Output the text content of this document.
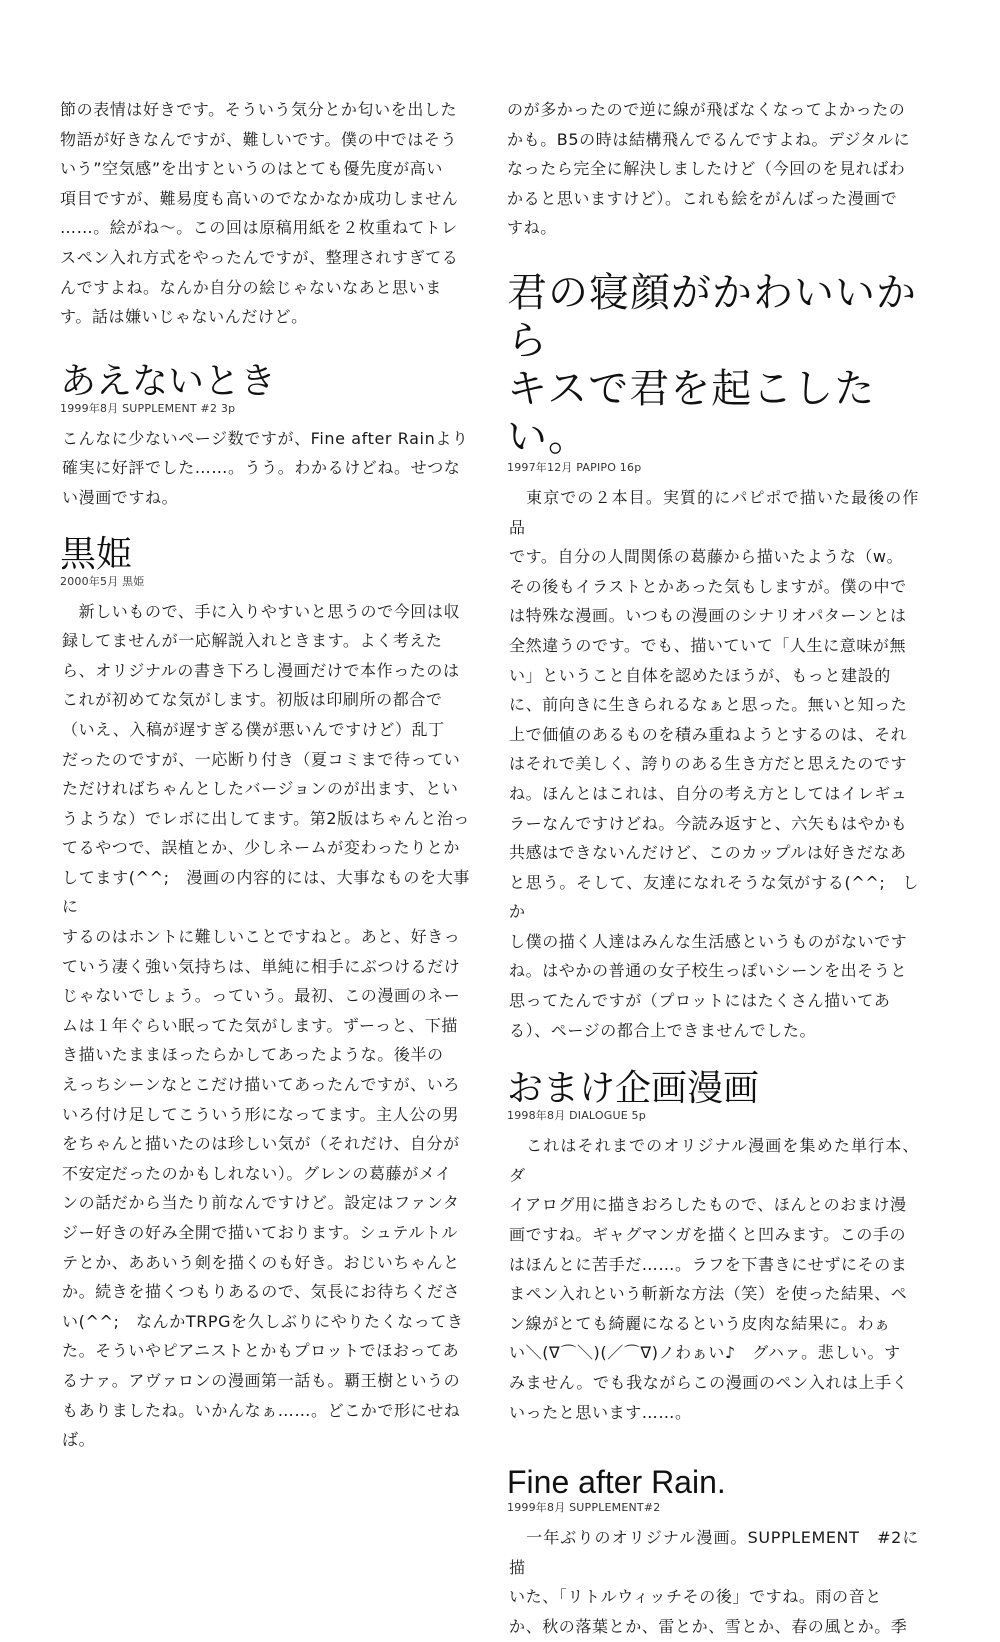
節の表情は好きです。そういう気分とか匂いを出した
物語が好きなんですが、難しいです。僕の中ではそう
いう”空気感”を出すというのはとても優先度が高い
項目ですが、難易度も高いのでなかなか成功しません
……。絵がね〜。この回は原稿用紙を２枚重ねてトレ
スペン入れ方式をやったんですが、整理されすぎてる
んですよね。なんか自分の絵じゃないなあと思いま
す。話は嫌いじゃないんだけど。

あえないとき

1999年8月 SUPPLEMENT #2 3p

こんなに少ないページ数ですが、Fine after Rainより
確実に好評でした……。うう。わかるけどね。せつな
い漫画ですね。

黒姫

2000年5月 黒姫

　新しいもので、手に入りやすいと思うので今回は収
録してませんが一応解説入れときます。よく考えた
ら、オリジナルの書き下ろし漫画だけで本作ったのは
これが初めてな気がします。初版は印刷所の都合で
（いえ、入稿が遅すぎる僕が悪いんですけど）乱丁
だったのですが、一応断り付き（夏コミまで待ってい
ただければちゃんとしたバージョンのが出ます、とい
うような）でレボに出してます。第2版はちゃんと治っ
てるやつで、誤植とか、少しネームが変わったりとか
してます(^^;　漫画の内容的には、大事なものを大事に
するのはホントに難しいことですねと。あと、好きっ
ていう凄く強い気持ちは、単純に相手にぶつけるだけ
じゃないでしょう。っていう。最初、この漫画のネー
ムは１年ぐらい眠ってた気がします。ずーっと、下描
き描いたままほったらかしてあったような。後半の
えっちシーンなとこだけ描いてあったんですが、いろ
いろ付け足してこういう形になってます。主人公の男
をちゃんと描いたのは珍しい気が（それだけ、自分が
不安定だったのかもしれない）。グレンの葛藤がメイ
ンの話だから当たり前なんですけど。設定はファンタ
ジー好きの好み全開で描いております。シュテルトル
テとか、ああいう剣を描くのも好き。おじいちゃんと
か。続きを描くつもりあるので、気長にお待ちくださ
い(^^;　なんかTRPGを久しぶりにやりたくなってき
た。そういやピアニストとかもプロットでほおってあ
るナァ。アヴァロンの漫画第一話も。覇王樹というの
もありましたね。いかんなぁ……。どこかで形にせね
ば。

のが多かったので逆に線が飛ばなくなってよかったの
かも。B5の時は結構飛んでるんですよね。デジタルに
なったら完全に解決しましたけど（今回のを見ればわ
かると思いますけど）。これも絵をがんばった漫画で
すね。

君の寝顔がかわいいから
キスで君を起こしたい。

1997年12月 PAPIPO 16p

　東京での２本目。実質的にパピポで描いた最後の作品
です。自分の人間関係の葛藤から描いたような（w。
その後もイラストとかあった気もしますが。僕の中で
は特殊な漫画。いつもの漫画のシナリオパターンとは
全然違うのです。でも、描いていて「人生に意味が無
い」ということ自体を認めたほうが、もっと建設的
に、前向きに生きられるなぁと思った。無いと知った
上で価値のあるものを積み重ねようとするのは、それ
はそれで美しく、誇りのある生き方だと思えたのです
ね。ほんとはこれは、自分の考え方としてはイレギュ
ラーなんですけどね。今読み返すと、六矢もはやかも
共感はできないんだけど、このカップルは好きだなあ
と思う。そして、友達になれそうな気がする(^^;　しか
し僕の描く人達はみんな生活感というものがないです
ね。はやかの普通の女子校生っぽいシーンを出そうと
思ってたんですが（プロットにはたくさん描いてあ
る）、ページの都合上できませんでした。

おまけ企画漫画

1998年8月 DIALOGUE 5p

　これはそれまでのオリジナル漫画を集めた単行本、ダ
イアログ用に描きおろしたもので、ほんとのおまけ漫
画ですね。ギャグマンガを描くと凹みます。この手の
はほんとに苦手だ……。ラフを下書きにせずにそのま
まペン入れという斬新な方法（笑）を使った結果、ペ
ン線がとても綺麗になるという皮肉な結果に。わぁ
い＼(∇⌒＼)(／⌒∇)ノわぁい♪　グハァ。悲しい。す
みません。でも我ながらこの漫画のペン入れは上手く
いったと思います……。

Fine after Rain.

1999年8月 SUPPLEMENT#2

　一年ぶりのオリジナル漫画。SUPPLEMENT　#2に描
いた、「リトルウィッチその後」ですね。雨の音と
か、秋の落葉とか、雷とか、雪とか、春の風とか。季
